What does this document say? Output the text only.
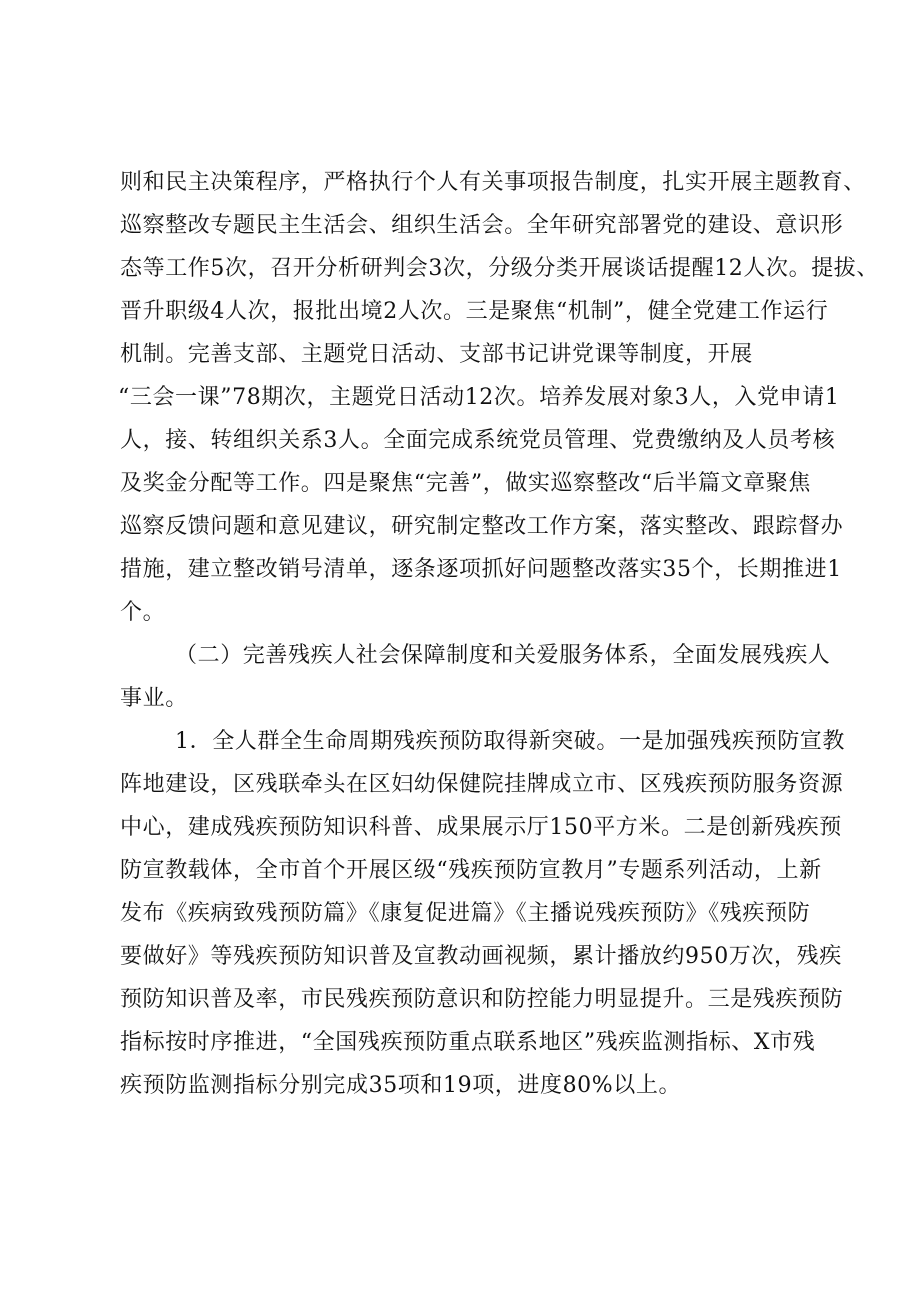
则和民主决策程序，严格执行个人有关事项报告制度，扎实开展主题教育、
巡察整改专题民主生活会、组织生活会。全年研究部署党的建设、意识形
态等工作5次，召开分析研判会3次，分级分类开展谈话提醒12人次。提拔、
晋升职级4人次，报批出境2人次。三是聚焦“机制”，健全党建工作运行
机制。完善支部、主题党日活动、支部书记讲党课等制度，开展
“三会一课”78期次，主题党日活动12次。培养发展对象3人，入党申请1
人，接、转组织关系3人。全面完成系统党员管理、党费缴纳及人员考核
及奖金分配等工作。四是聚焦“完善”，做实巡察整改“后半篇文章聚焦
巡察反馈问题和意见建议，研究制定整改工作方案，落实整改、跟踪督办
措施，建立整改销号清单，逐条逐项抓好问题整改落实35个，长期推进1
个。
（二）完善残疾人社会保障制度和关爱服务体系，全面发展残疾人
事业。
1．全人群全生命周期残疾预防取得新突破。一是加强残疾预防宣教
阵地建设，区残联牵头在区妇幼保健院挂牌成立市、区残疾预防服务资源
中心，建成残疾预防知识科普、成果展示厅150平方米。二是创新残疾预
防宣教载体，全市首个开展区级“残疾预防宣教月”专题系列活动，上新
发布《疾病致残预防篇》《康复促进篇》《主播说残疾预防》《残疾预防
要做好》等残疾预防知识普及宣教动画视频，累计播放约950万次，残疾
预防知识普及率，市民残疾预防意识和防控能力明显提升。三是残疾预防
指标按时序推进，“全国残疾预防重点联系地区”残疾监测指标、X市残
疾预防监测指标分别完成35项和19项，进度80%以上。
